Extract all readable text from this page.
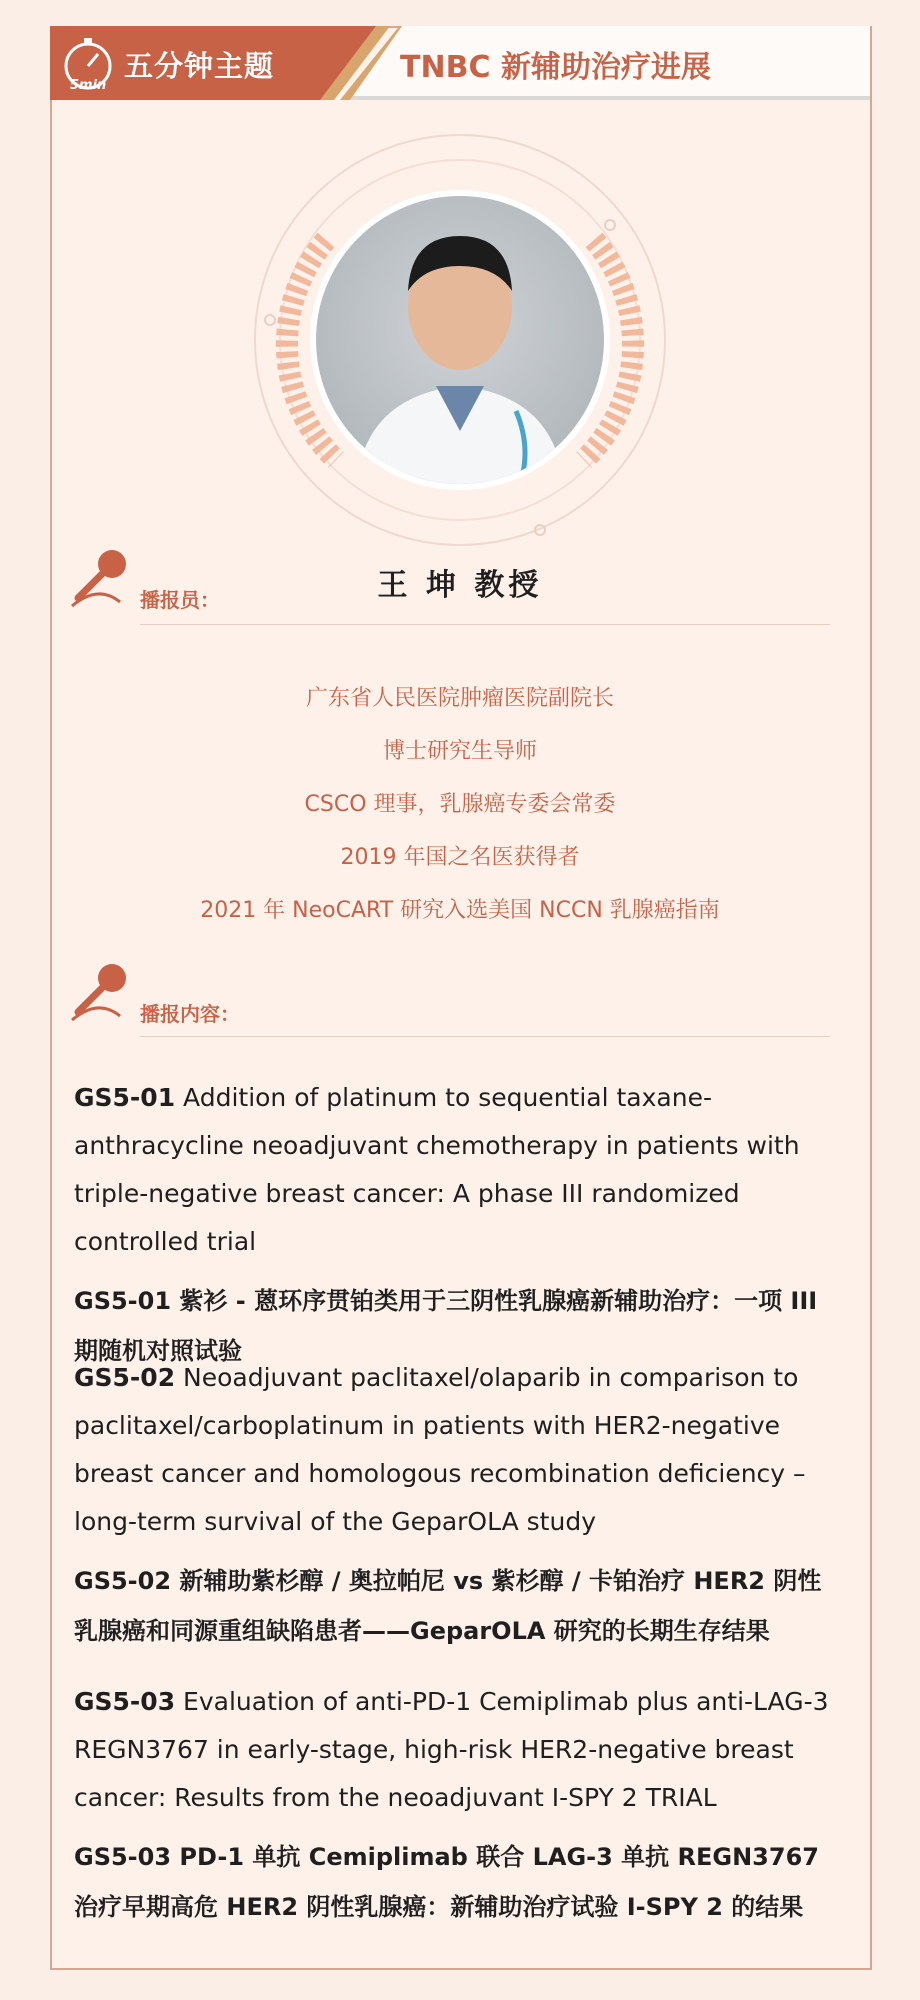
5min
五分钟主题	TNBC 新辅助治疗进展
播报员：	王 坤 教授
广东省人民医院肿瘤医院副院长
博士研究生导师
CSCO 理事，乳腺癌专委会常委
2019 年国之名医获得者
2021 年 NeoCART 研究入选美国 NCCN 乳腺癌指南
播报内容：
GS5-01 Addition of platinum to sequential taxane-anthracycline neoadjuvant chemotherapy in patients with triple-negative breast cancer: A phase III randomized controlled trial
GS5-01 紫衫 - 蒽环序贯铂类用于三阴性乳腺癌新辅助治疗：一项 III 期随机对照试验
GS5-02 Neoadjuvant paclitaxel/olaparib in comparison to paclitaxel/carboplatinum in patients with HER2-negative breast cancer and homologous recombination deficiency – long-term survival of the GeparOLA study
GS5-02 新辅助紫杉醇 / 奥拉帕尼 vs 紫杉醇 / 卡铂治疗 HER2 阴性乳腺癌和同源重组缺陷患者——GeparOLA 研究的长期生存结果
GS5-03 Evaluation of anti-PD-1 Cemiplimab plus anti-LAG-3 REGN3767 in early-stage, high-risk HER2-negative breast cancer: Results from the neoadjuvant I-SPY 2 TRIAL
GS5-03 PD-1 单抗 Cemiplimab 联合 LAG-3 单抗 REGN3767 治疗早期高危 HER2 阴性乳腺癌：新辅助治疗试验 I-SPY 2 的结果
